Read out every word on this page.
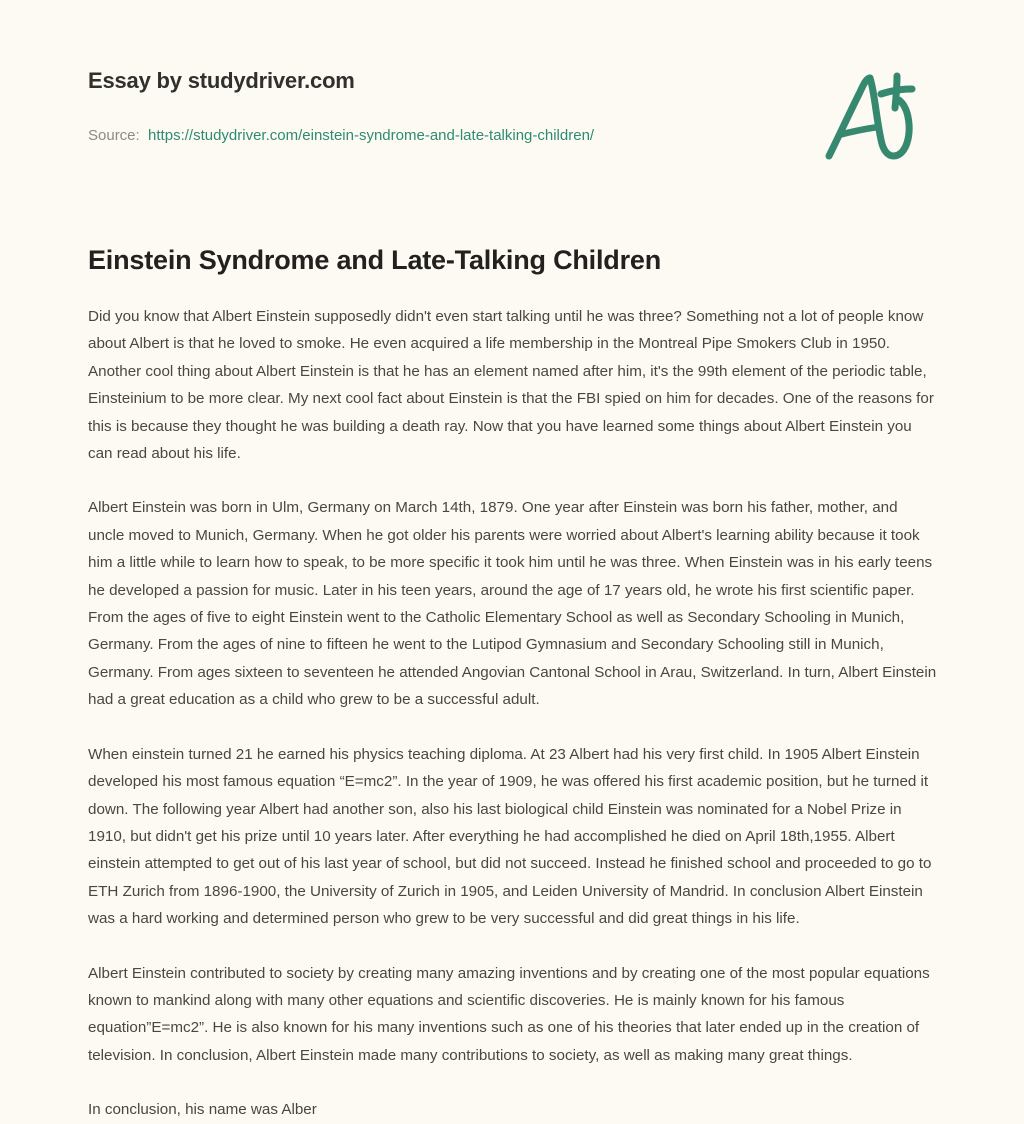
Essay by studydriver.com
Source: https://studydriver.com/einstein-syndrome-and-late-talking-children/
Einstein Syndrome and Late-Talking Children

Did you know that Albert Einstein supposedly didn't even start talking until he was three? Something not a lot of people know about Albert is that he loved to smoke. He even acquired a life membership in the Montreal Pipe Smokers Club in 1950. Another cool thing about Albert Einstein is that he has an element named after him, it's the 99th element of the periodic table, Einsteinium to be more clear. My next cool fact about Einstein is that the FBI spied on him for decades. One of the reasons for this is because they thought he was building a death ray. Now that you have learned some things about Albert Einstein you can read about his life.

Albert Einstein was born in Ulm, Germany on March 14th, 1879. One year after Einstein was born his father, mother, and uncle moved to Munich, Germany. When he got older his parents were worried about Albert's learning ability because it took him a little while to learn how to speak, to be more specific it took him until he was three. When Einstein was in his early teens he developed a passion for music. Later in his teen years, around the age of 17 years old, he wrote his first scientific paper. From the ages of five to eight Einstein went to the Catholic Elementary School as well as Secondary Schooling in Munich, Germany. From the ages of nine to fifteen he went to the Lutipod Gymnasium and Secondary Schooling still in Munich, Germany. From ages sixteen to seventeen he attended Angovian Cantonal School in Arau, Switzerland. In turn, Albert Einstein had a great education as a child who grew to be a successful adult.

When einstein turned 21 he earned his physics teaching diploma. At 23 Albert had his very first child. In 1905 Albert Einstein developed his most famous equation “E=mc2”. In the year of 1909, he was offered his first academic position, but he turned it down. The following year Albert had another son, also his last biological child Einstein was nominated for a Nobel Prize in 1910, but didn't get his prize until 10 years later. After everything he had accomplished he died on April 18th,1955. Albert einstein attempted to get out of his last year of school, but did not succeed. Instead he finished school and proceeded to go to ETH Zurich from 1896-1900, the University of Zurich in 1905, and Leiden University of Mandrid. In conclusion Albert Einstein was a hard working and determined person who grew to be very successful and did great things in his life.

Albert Einstein contributed to society by creating many amazing inventions and by creating one of the most popular equations known to mankind along with many other equations and scientific discoveries. He is mainly known for his famous equation”E=mc2”. He is also known for his many inventions such as one of his theories that later ended up in the creation of television. In conclusion, Albert Einstein made many contributions to society, as well as making many great things.

In conclusion, his name was Alber
